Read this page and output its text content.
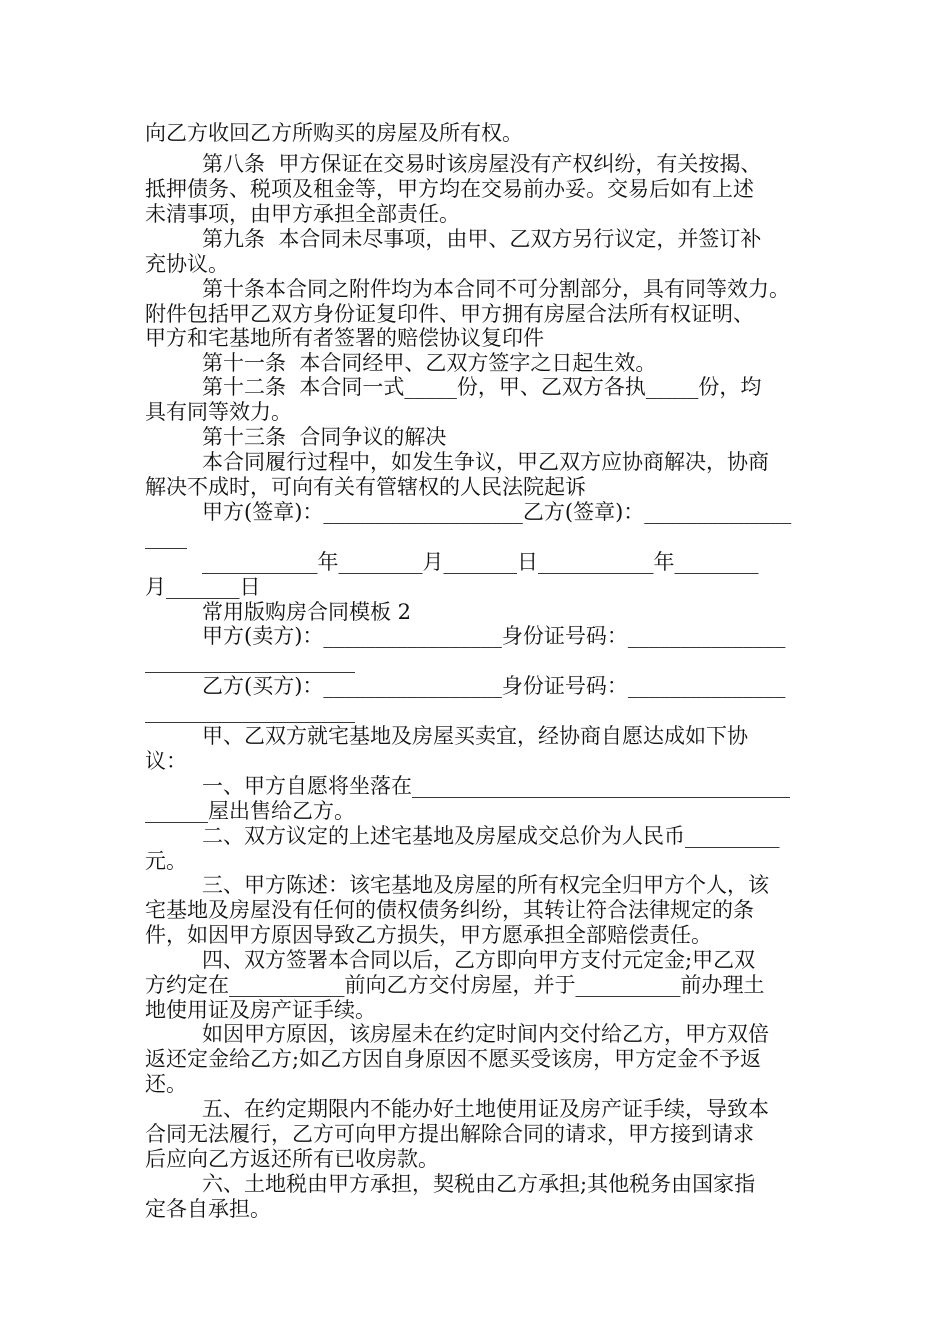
向乙方收回乙方所购买的房屋及所有权。
第八条  甲方保证在交易时该房屋没有产权纠纷，有关按揭、
抵押债务、税项及租金等，甲方均在交易前办妥。交易后如有上述
未清事项，由甲方承担全部责任。
第九条  本合同未尽事项，由甲、乙双方另行议定，并签订补
充协议。
第十条本合同之附件均为本合同不可分割部分，具有同等效力。
附件包括甲乙双方身份证复印件、甲方拥有房屋合法所有权证明、
甲方和宅基地所有者签署的赔偿协议复印件
第十一条  本合同经甲、乙双方签字之日起生效。
第十二条  本合同一式_____份，甲、乙双方各执_____份，均
具有同等效力。
第十三条  合同争议的解决
本合同履行过程中，如发生争议，甲乙双方应协商解决，协商
解决不成时，可向有关有管辖权的人民法院起诉
甲方(签章)：___________________乙方(签章)：______________
____
___________年________月_______日___________年________
月_______日
常用版购房合同模板 2
甲方(卖方)：_________________身份证号码：_______________
____________________
乙方(买方)：_________________身份证号码：_______________
____________________
甲、乙双方就宅基地及房屋买卖宜，经协商自愿达成如下协
议：
一、甲方自愿将坐落在____________________________________
______屋出售给乙方。
二、双方议定的上述宅基地及房屋成交总价为人民币_________
元。
三、甲方陈述：该宅基地及房屋的所有权完全归甲方个人，该
宅基地及房屋没有任何的债权债务纠纷，其转让符合法律规定的条
件，如因甲方原因导致乙方损失，甲方愿承担全部赔偿责任。
四、双方签署本合同以后，乙方即向甲方支付元定金;甲乙双
方约定在___________前向乙方交付房屋，并于__________前办理土
地使用证及房产证手续。
如因甲方原因，该房屋未在约定时间内交付给乙方，甲方双倍
返还定金给乙方;如乙方因自身原因不愿买受该房，甲方定金不予返
还。
五、在约定期限内不能办好土地使用证及房产证手续，导致本
合同无法履行，乙方可向甲方提出解除合同的请求，甲方接到请求
后应向乙方返还所有已收房款。
六、土地税由甲方承担，契税由乙方承担;其他税务由国家指
定各自承担。
